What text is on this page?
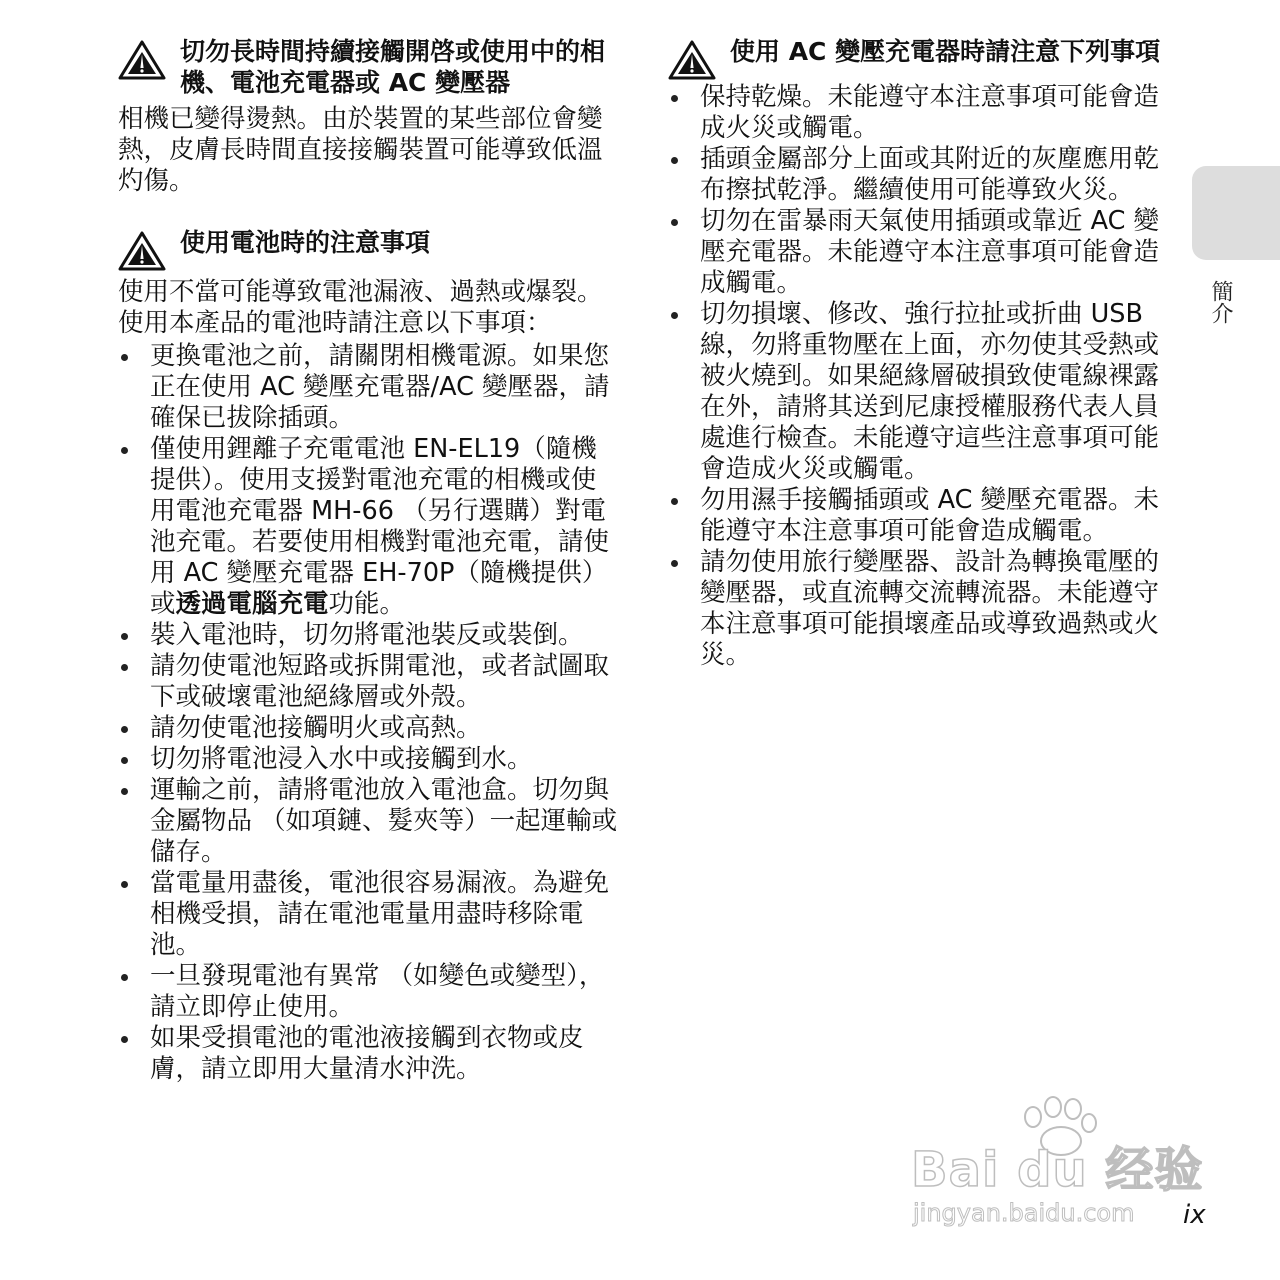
切勿長時間持續接觸開啓或使用中的相機、電池充電器或 AC 變壓器

相機已變得燙熱。由於裝置的某些部位會變熱，皮膚長時間直接接觸裝置可能導致低溫灼傷。

使用電池時的注意事項

使用不當可能導致電池漏液、過熱或爆裂。使用本產品的電池時請注意以下事項：

更換電池之前，請關閉相機電源。如果您正在使用 AC 變壓充電器/AC 變壓器，請確保已拔除插頭。
僅使用鋰離子充電電池 EN-EL19（隨機提供）。使用支援對電池充電的相機或使用電池充電器 MH-66 （另行選購）對電池充電。若要使用相機對電池充電，請使用 AC 變壓充電器 EH-70P（隨機提供）或透過電腦充電功能。
裝入電池時，切勿將電池裝反或裝倒。
請勿使電池短路或拆開電池，或者試圖取下或破壞電池絕緣層或外殼。
請勿使電池接觸明火或高熱。
切勿將電池浸入水中或接觸到水。
運輸之前，請將電池放入電池盒。切勿與金屬物品 （如項鏈、髮夾等）一起運輸或儲存。
當電量用盡後，電池很容易漏液。為避免相機受損，請在電池電量用盡時移除電池。
一旦發現電池有異常 （如變色或變型），請立即停止使用。
如果受損電池的電池液接觸到衣物或皮膚，請立即用大量清水沖洗。
使用 AC 變壓充電器時請注意下列事項
保持乾燥。未能遵守本注意事項可能會造成火災或觸電。
插頭金屬部分上面或其附近的灰塵應用乾布擦拭乾淨。繼續使用可能導致火災。
切勿在雷暴雨天氣使用插頭或靠近 AC 變壓充電器。未能遵守本注意事項可能會造成觸電。
切勿損壞、修改、強行拉扯或折曲 USB 線，勿將重物壓在上面，亦勿使其受熱或被火燒到。如果絕緣層破損致使電線裸露在外，請將其送到尼康授權服務代表人員處進行檢查。未能遵守這些注意事項可能會造成火災或觸電。
勿用濕手接觸插頭或 AC 變壓充電器。未能遵守本注意事項可能會造成觸電。
請勿使用旅行變壓器、設計為轉換電壓的變壓器，或直流轉交流轉流器。未能遵守本注意事項可能損壞產品或導致過熱或火災。
簡介
Bai du 经验
jingyan.baidu.com ix
